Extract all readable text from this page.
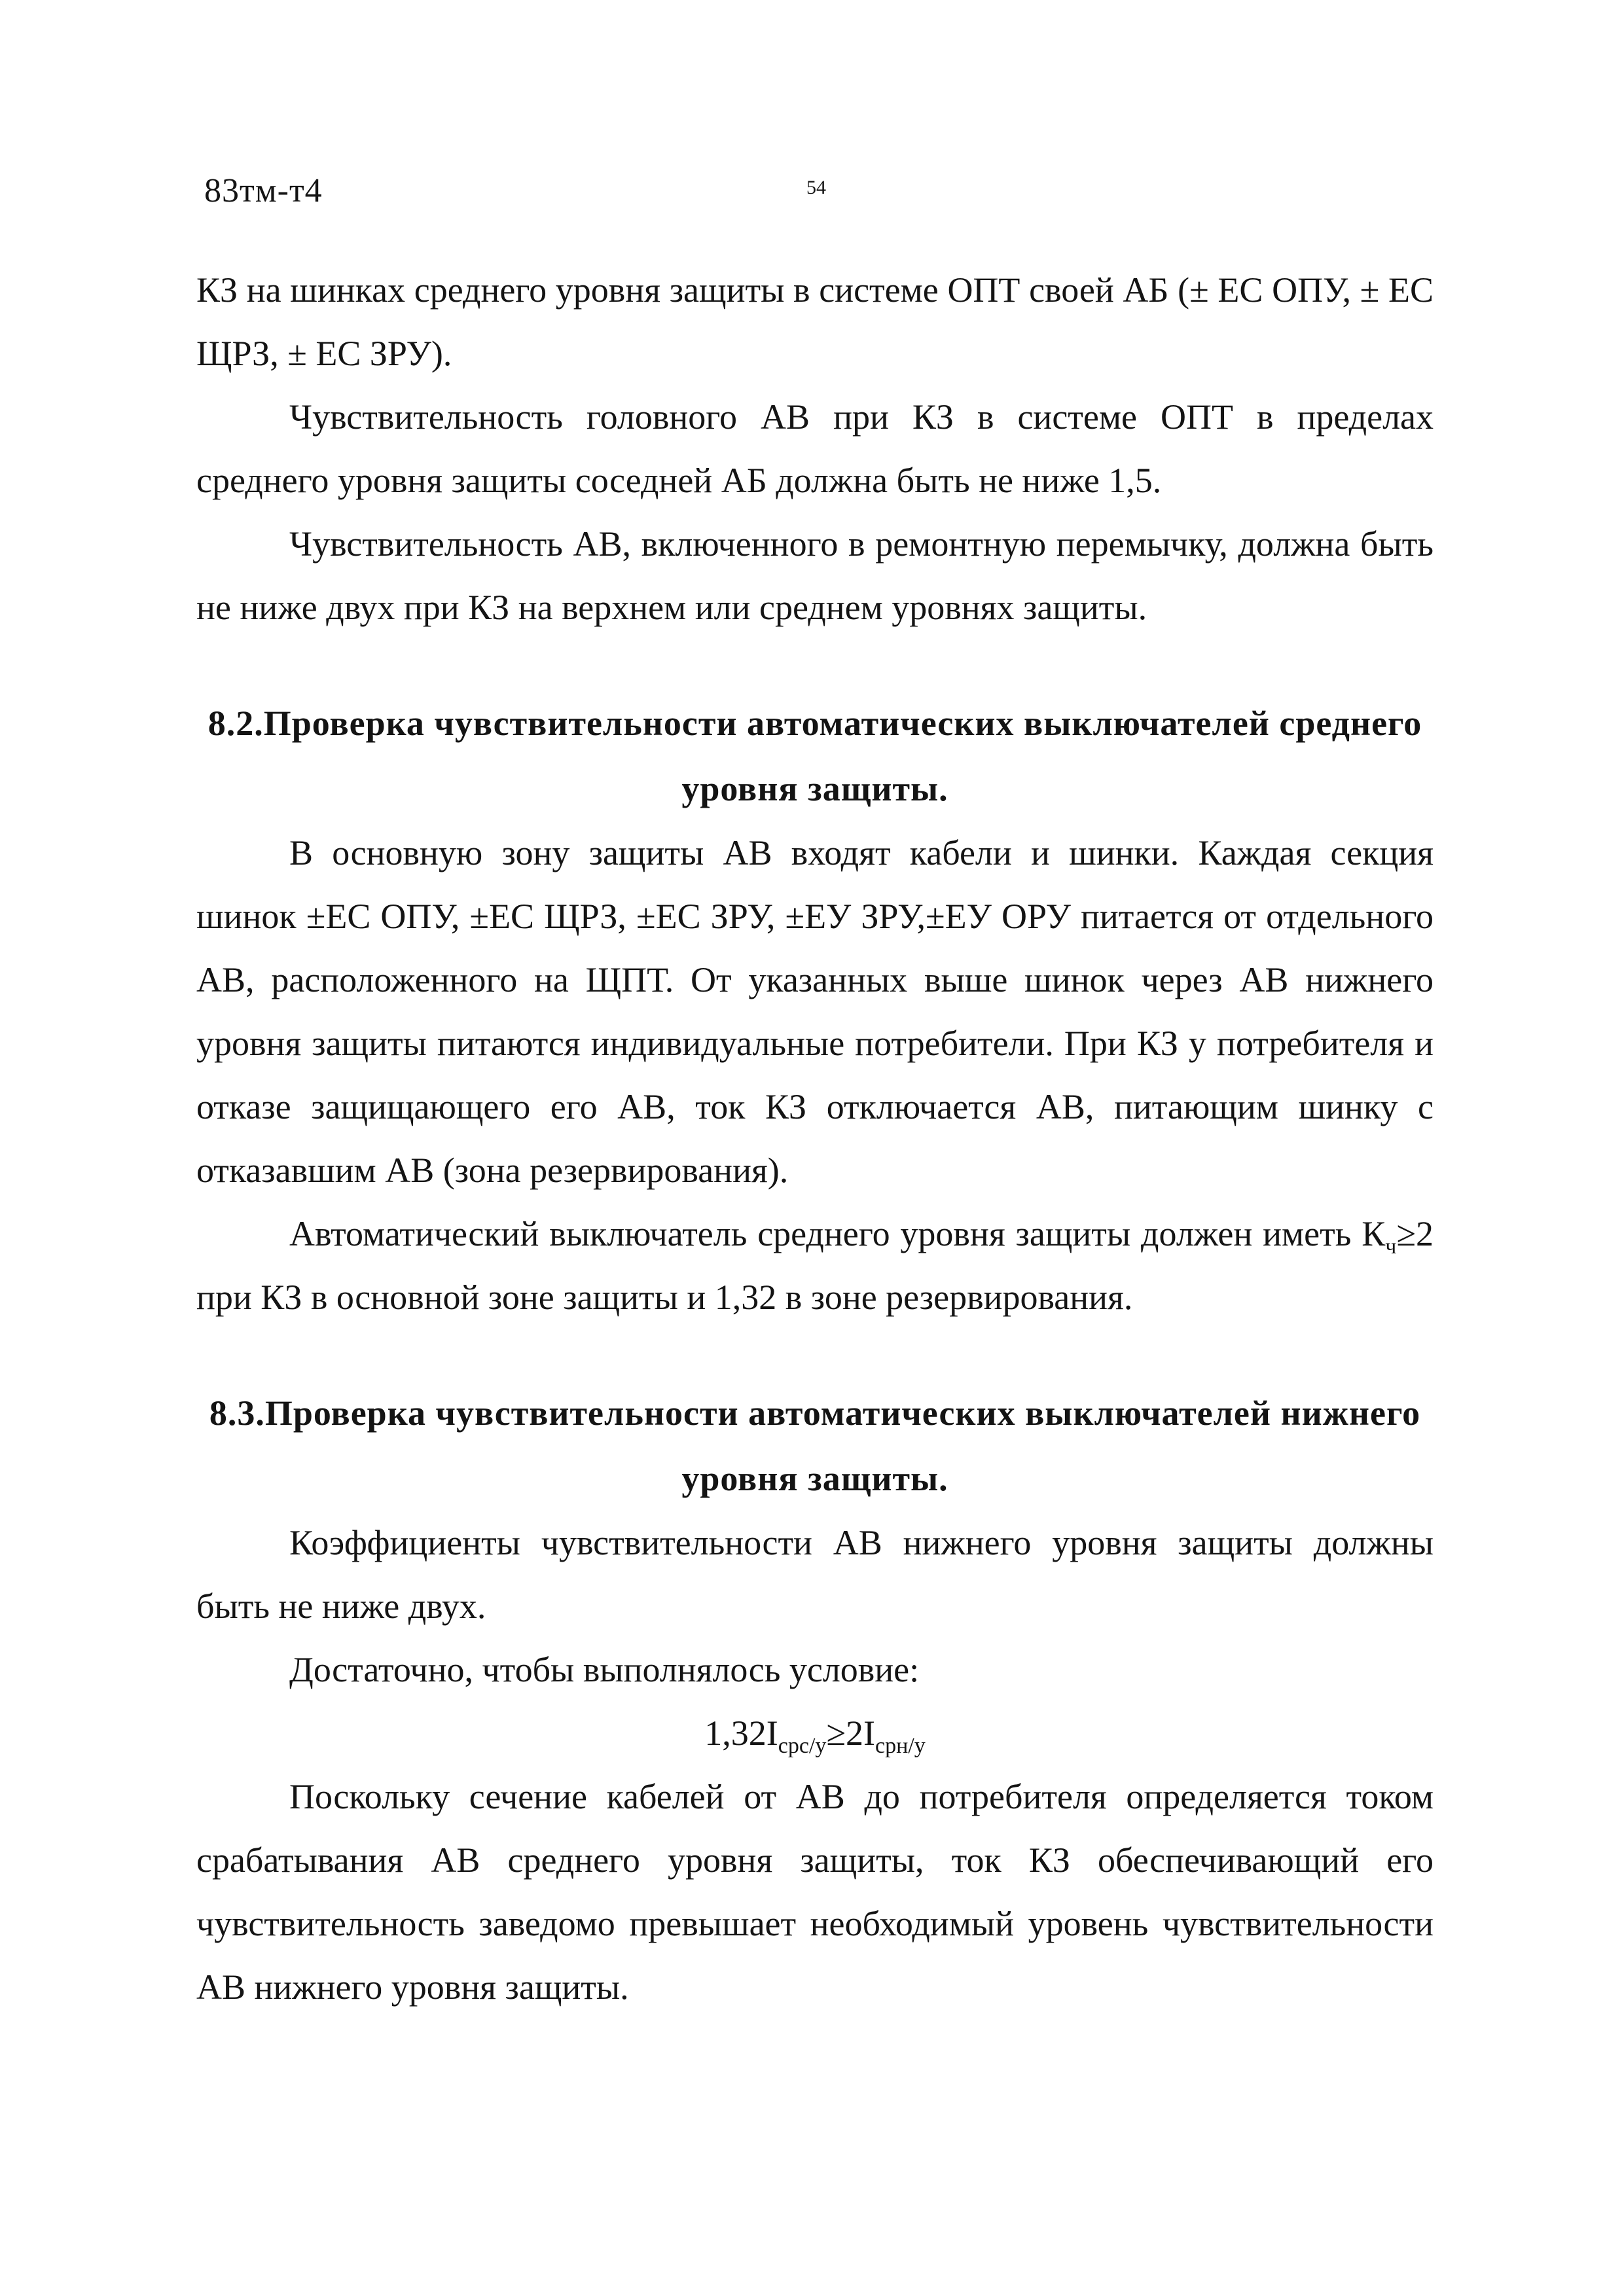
83тм-т4	54

КЗ на шинках среднего уровня защиты в системе ОПТ своей АБ (± ЕС ОПУ, ± ЕС ЩРЗ, ± ЕС ЗРУ).

Чувствительность головного АВ при КЗ в системе ОПТ в пределах среднего уровня защиты соседней АБ должна быть не ниже 1,5.

Чувствительность АВ, включенного в ремонтную перемычку, должна быть не ниже двух при КЗ на верхнем или среднем уровнях защиты.

8.2.Проверка чувствительности автоматических выключателей среднего уровня защиты.

В основную зону защиты АВ входят кабели и шинки. Каждая секция шинок ±ЕС ОПУ, ±ЕС ЩРЗ, ±ЕС ЗРУ, ±ЕУ ЗРУ,±ЕУ ОРУ питается от отдельного АВ, расположенного на ЩПТ. От указанных выше шинок через АВ нижнего уровня защиты питаются индивидуальные потребители. При КЗ у потребителя и отказе защищающего его АВ, ток КЗ отключается АВ, питающим шинку с отказавшим АВ (зона резервирования).

Автоматический выключатель среднего уровня защиты должен иметь $К_ч\ge 2$ при КЗ в основной зоне защиты и 1,32 в зоне резервирования.

8.3.Проверка чувствительности автоматических выключателей нижнего уровня защиты.

Коэффициенты чувствительности АВ нижнего уровня защиты должны быть не ниже двух.

Достаточно, чтобы выполнялось условие:

$1,32I_{срс/у}\ge 2I_{срн/у}$

Поскольку сечение кабелей от АВ до потребителя определяется током срабатывания АВ среднего уровня защиты, ток КЗ обеспечивающий его чувствительность заведомо превышает необходимый уровень чувствительности АВ нижнего уровня защиты.
